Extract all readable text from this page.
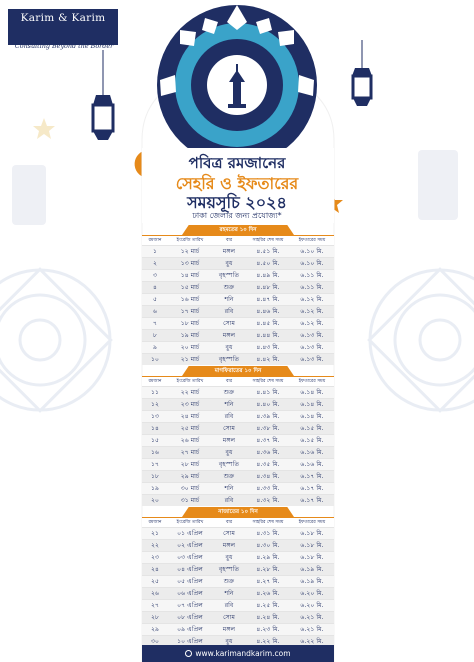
Karim & Karim
Consulting Beyond the Border
পবিত্র রমজানের
সেহরি ও ইফতারের
সময়সূচি ২০২৪
ঢাকা জেলার জন্য প্রযোজ্য*
রহমতের ১০ দিন
রমজান	ইংরেজি তারিখ	বার	সাহরির শেষ সময়	ইফতারের সময়
১	১২ মার্চ	মঙ্গল	৪.৫১ মি.	৬.১০ মি.
২	১৩ মার্চ	বুধ	৪.৫০ মি.	৬.১০ মি.
৩	১৪ মার্চ	বৃহস্পতি	৪.৪৯ মি.	৬.১১ মি.
৪	১৫ মার্চ	শুক্র	৪.৪৮ মি.	৬.১১ মি.
৫	১৬ মার্চ	শনি	৪.৪৭ মি.	৬.১২ মি.
৬	১৭ মার্চ	রবি	৪.৪৬ মি.	৬.১২ মি.
৭	১৮ মার্চ	সোম	৪.৪৫ মি.	৬.১২ মি.
৮	১৯ মার্চ	মঙ্গল	৪.৪৪ মি.	৬.১৩ মি.
৯	২০ মার্চ	বুধ	৪.৪৩ মি.	৬.১৩ মি.
১০	২১ মার্চ	বৃহস্পতি	৪.৪২ মি.	৬.১৩ মি.
মাগফিরাতের ১০ দিন
রমজান	ইংরেজি তারিখ	বার	সাহরির শেষ সময়	ইফতারের সময়
১১	২২ মার্চ	শুক্র	৪.৪১ মি.	৬.১৪ মি.
১২	২৩ মার্চ	শনি	৪.৪০ মি.	৬.১৪ মি.
১৩	২৪ মার্চ	রবি	৪.৩৯ মি.	৬.১৪ মি.
১৪	২৫ মার্চ	সোম	৪.৩৮ মি.	৬.১৫ মি.
১৫	২৬ মার্চ	মঙ্গল	৪.৩৭ মি.	৬.১৫ মি.
১৬	২৭ মার্চ	বুধ	৪.৩৬ মি.	৬.১৬ মি.
১৭	২৮ মার্চ	বৃহস্পতি	৪.৩৫ মি.	৬.১৬ মি.
১৮	২৯ মার্চ	শুক্র	৪.৩৪ মি.	৬.১৭ মি.
১৯	৩০ মার্চ	শনি	৪.৩৩ মি.	৬.১৭ মি.
২০	৩১ মার্চ	রবি	৪.৩২ মি.	৬.১৭ মি.
নাজাতের ১০ দিন
রমজান	ইংরেজি তারিখ	বার	সাহরির শেষ সময়	ইফতারের সময়
২১	০১ এপ্রিল	সোম	৪.৩১ মি.	৬.১৮ মি.
২২	০২ এপ্রিল	মঙ্গল	৪.৩০ মি.	৬.১৮ মি.
২৩	০৩ এপ্রিল	বুধ	৪.২৯ মি.	৬.১৮ মি.
২৪	০৪ এপ্রিল	বৃহস্পতি	৪.২৮ মি.	৬.১৯ মি.
২৫	০৫ এপ্রিল	শুক্র	৪.২৭ মি.	৬.১৯ মি.
২৬	০৬ এপ্রিল	শনি	৪.২৬ মি.	৬.২০ মি.
২৭	০৭ এপ্রিল	রবি	৪.২৫ মি.	৬.২০ মি.
২৮	০৮ এপ্রিল	সোম	৪.২৪ মি.	৬.২১ মি.
২৯	০৯ এপ্রিল	মঙ্গল	৪.২৩ মি.	৬.২১ মি.
৩০	১০ এপ্রিল	বুধ	৪.২২ মি.	৬.২২ মি.
www.karimandkarim.com
